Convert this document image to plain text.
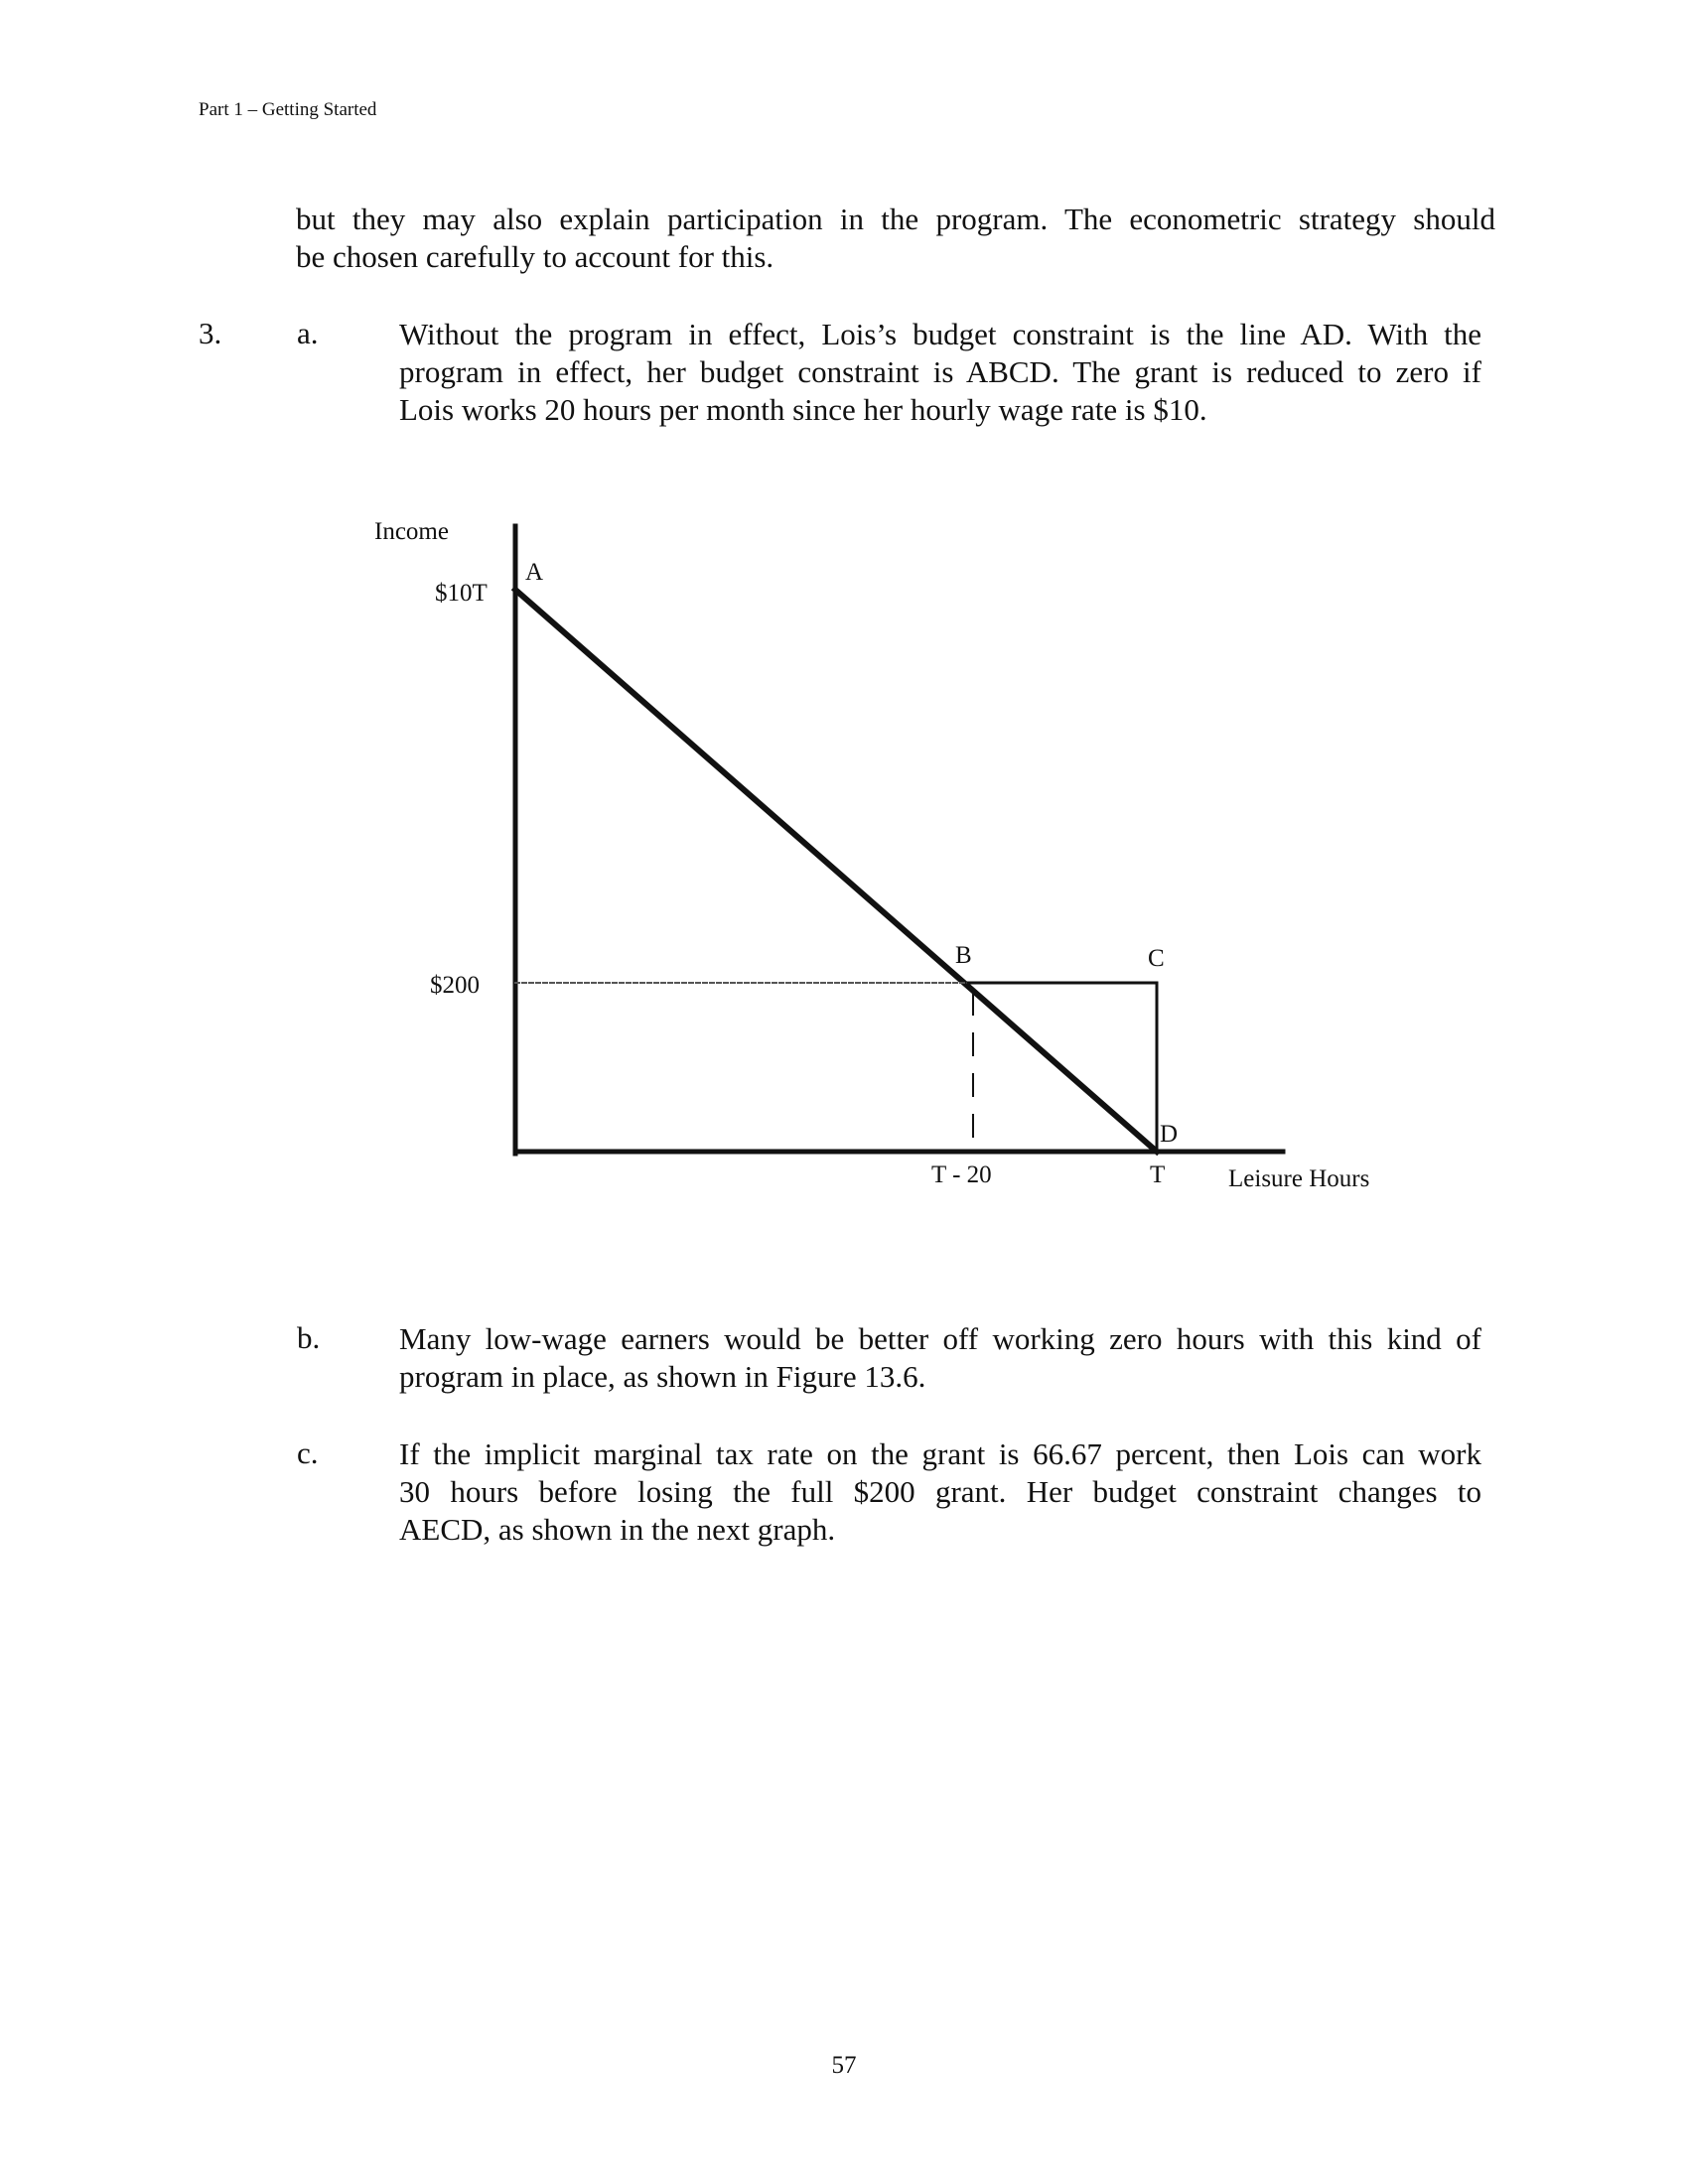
Part 1 – Getting Started
but they may also explain participation in the program. The econometric strategy should
be chosen carefully to account for this.
3. a.	Without the program in effect, Lois’s budget constraint is the line AD. With the
program in effect, her budget constraint is ABCD. The grant is reduced to zero if
Lois works 20 hours per month since her hourly wage rate is $10.
Income
$10T
$200
A
B	C
D
T - 20	T	Leisure Hours
b.	Many low-wage earners would be better off working zero hours with this kind of
program in place, as shown in Figure 13.6.
c.	If the implicit marginal tax rate on the grant is 66.67 percent, then Lois can work
30 hours before losing the full $200 grant. Her budget constraint changes to
AECD, as shown in the next graph.
57
